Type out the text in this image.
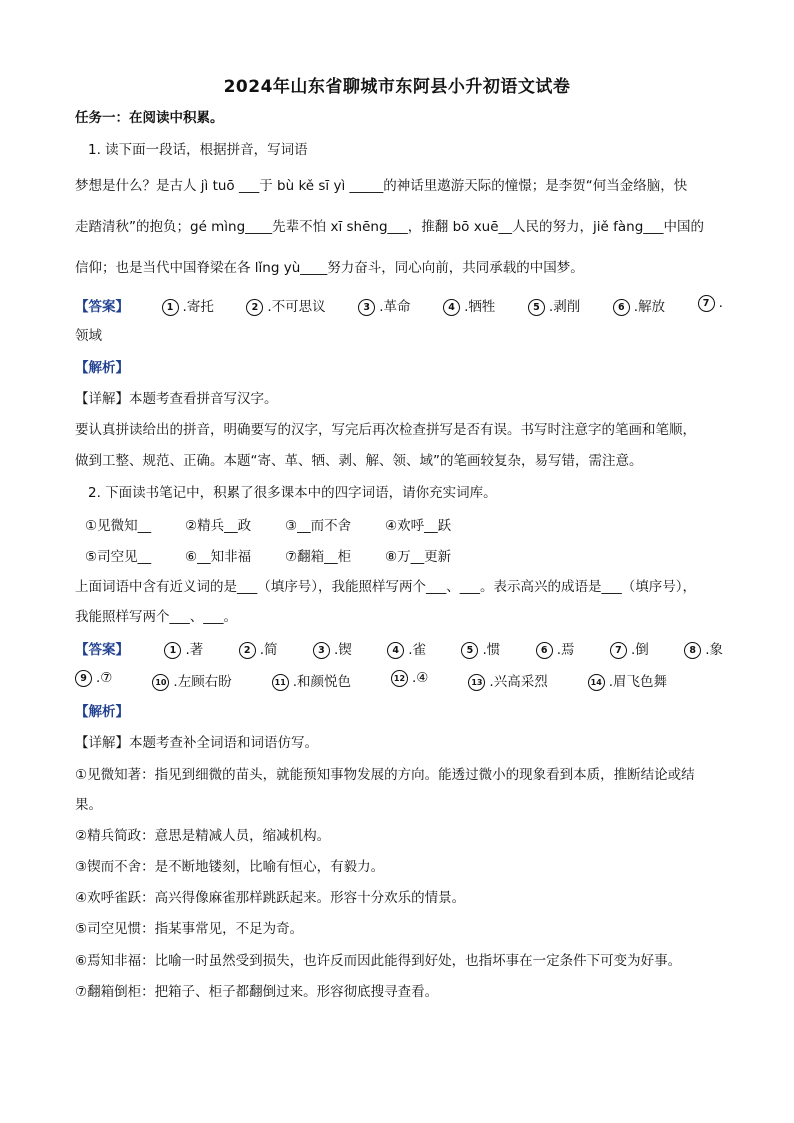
2024年山东省聊城市东阿县小升初语文试卷
任务一：在阅读中积累。
1. 读下面一段话，根据拼音，写词语
梦想是什么？是古人 jì tuō ___于 bù kě sī yì _____的神话里遨游天际的憧憬；是李贺“何当金络脑，快
走踏清秋”的抱负；gé mìng____先辈不怕 xī shēng___，推翻 bō xuē__人民的努力，jiě fàng___中国的
信仰；也是当代中国脊梁在各 lǐng yù____努力奋斗，同心向前，共同承载的中国梦。
【答案】	1 .寄托	2 .不可思议	3 .革命	4 .牺牲	5 .剥削	6 .解放	7 .
领域
【解析】
【详解】本题考查看拼音写汉字。
要认真拼读给出的拼音，明确要写的汉字，写完后再次检查拼写是否有误。书写时注意字的笔画和笔顺，
做到工整、规范、正确。本题“寄、革、牺、剥、解、领、域”的笔画较复杂，易写错，需注意。
2. 下面读书笔记中，积累了很多课本中的四字词语，请你充实词库。
①见微知__	②精兵__政	③__而不舍	④欢呼__跃
⑤司空见__	⑥__知非福	⑦翻箱__柜	⑧万__更新
上面词语中含有近义词的是___（填序号），我能照样写两个___、___。表示高兴的成语是___（填序号），
我能照样写两个___、___。
【答案】	1 .著	2 .简	3 .锲	4 .雀	5 .惯	6 .焉	7 .倒	8 .象
9 .⑦	10 .左顾右盼	11 .和颜悦色	12 .④	13 .兴高采烈	14 .眉飞色舞
【解析】
【详解】本题考查补全词语和词语仿写。
①见微知著：指见到细微的苗头，就能预知事物发展的方向。能透过微小的现象看到本质，推断结论或结
果。
②精兵简政：意思是精减人员，缩减机构。
③锲而不舍：是不断地镂刻，比喻有恒心，有毅力。
④欢呼雀跃：高兴得像麻雀那样跳跃起来。形容十分欢乐的情景。
⑤司空见惯：指某事常见，不足为奇。
⑥焉知非福：比喻一时虽然受到损失，也许反而因此能得到好处，也指坏事在一定条件下可变为好事。
⑦翻箱倒柜：把箱子、柜子都翻倒过来。形容彻底搜寻查看。
